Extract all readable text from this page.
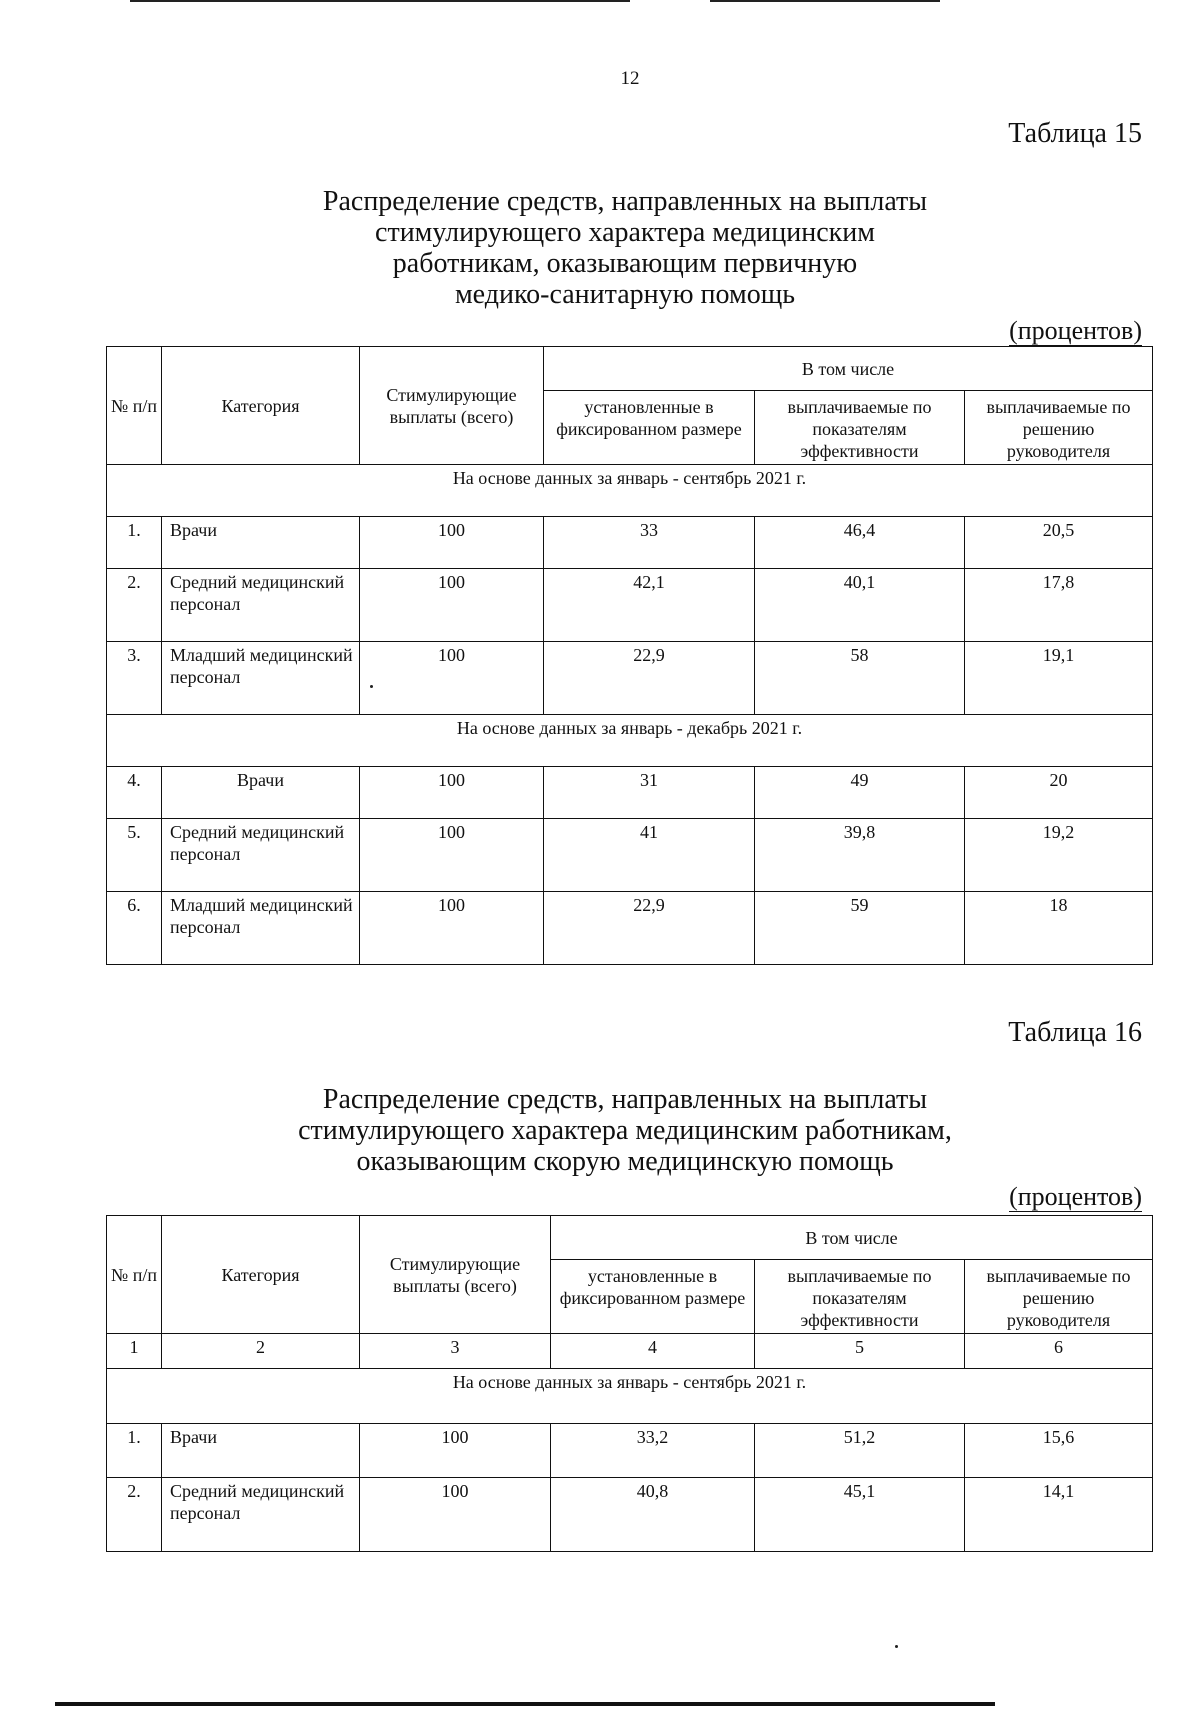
12
Таблица 15
Распределение средств, направленных на выплаты
стимулирующего характера медицинским
работникам, оказывающим первичную
медико-санитарную помощь
(процентов)
№ п/п	Категория	Стимулирующие выплаты (всего)	В том числе		
			установленные в фиксированном размере	выплачиваемые по показателям эффективности	выплачиваемые по решению руководителя
На основе данных за январь - сентябрь 2021 г.					
1.	Врачи	100	33	46,4	20,5
2.	Средний медицинский персонал	100	42,1	40,1	17,8
3.	Младший медицинский персонал	100	22,9	58	19,1
На основе данных за январь - декабрь 2021 г.					
4.	Врачи	100	31	49	20
5.	Средний медицинский персонал	100	41	39,8	19,2
6.	Младший медицинский персонал	100	22,9	59	18
Таблица 16
Распределение средств, направленных на выплаты
стимулирующего характера медицинским работникам,
оказывающим скорую медицинскую помощь
(процентов)
№ п/п	Категория	Стимулирующие выплаты (всего)	В том числе		
			установленные в фиксированном размере	выплачиваемые по показателям эффективности	выплачиваемые по решению руководителя
1	2	3	4	5	6
На основе данных за январь - сентябрь 2021 г.					
1.	Врачи	100	33,2	51,2	15,6
2.	Средний медицинский персонал	100	40,8	45,1	14,1
